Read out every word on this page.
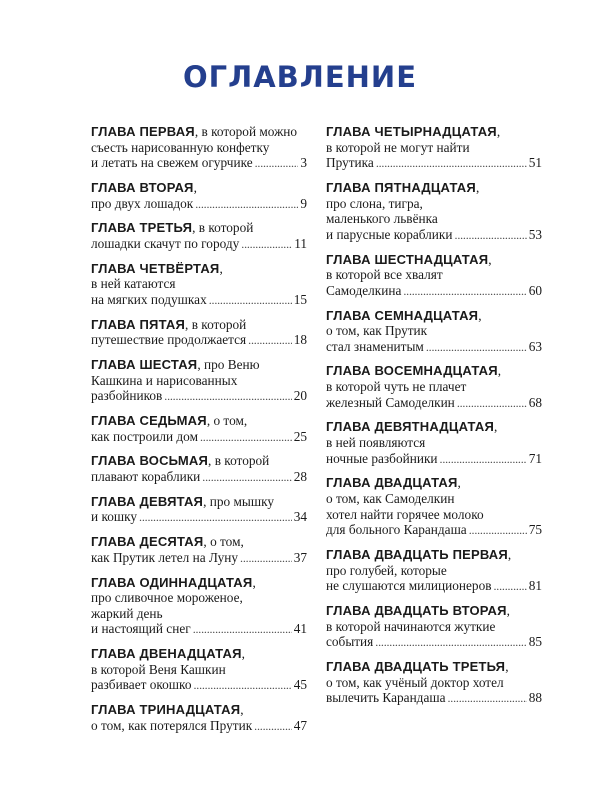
ОГЛАВЛЕНИЕ
ГЛАВА ПЕРВАЯ , в которой можно
съесть нарисованную конфетку
и летать на свежем огурчике . . .	3
ГЛАВА ВТОРАЯ ,
про двух лошадок . . .	9
ГЛАВА ТРЕТЬЯ , в которой
лошадки скачут по городу . . .	11
ГЛАВА ЧЕТВЁРТАЯ ,
в ней катаются
на мягких подушках . . .	15
ГЛАВА ПЯТАЯ , в которой
путешествие продолжается . . .	18
ГЛАВА ШЕСТАЯ , про Веню
Кашкина и нарисованных
разбойников . . .	20
ГЛАВА СЕДЬМАЯ , о том,
как построили дом . . .	25
ГЛАВА ВОСЬМАЯ , в которой
плавают кораблики . . .	28
ГЛАВА ДЕВЯТАЯ , про мышку
и кошку . . .	34
ГЛАВА ДЕСЯТАЯ , о том,
как Прутик летел на Луну . . .	37
ГЛАВА ОДИННАДЦАТАЯ ,
про сливочное мороженое,
жаркий день
и настоящий снег . . .	41
ГЛАВА ДВЕНАДЦАТАЯ ,
в которой Веня Кашкин
разбивает окошко . . .	45
ГЛАВА ТРИНАДЦАТАЯ ,
о том, как потерялся Прутик . . .	47
ГЛАВА ЧЕТЫРНАДЦАТАЯ ,
в которой не могут найти
Прутика . . .	51
ГЛАВА ПЯТНАДЦАТАЯ ,
про слона, тигра,
маленького львёнка
и парусные кораблики . . .	53
ГЛАВА ШЕСТНАДЦАТАЯ ,
в которой все хвалят
Самоделкина . . .	60
ГЛАВА СЕМНАДЦАТАЯ ,
о том, как Прутик
стал знаменитым . . .	63
ГЛАВА ВОСЕМНАДЦАТАЯ ,
в которой чуть не плачет
железный Самоделкин . . .	68
ГЛАВА ДЕВЯТНАДЦАТАЯ ,
в ней появляются
ночные разбойники . . .	71
ГЛАВА ДВАДЦАТАЯ ,
о том, как Самоделкин
хотел найти горячее молоко
для больного Карандаша . . .	75
ГЛАВА ДВАДЦАТЬ ПЕРВАЯ ,
про голубей, которые
не слушаются милиционеров . . .	81
ГЛАВА ДВАДЦАТЬ ВТОРАЯ ,
в которой начинаются жуткие
события . . .	85
ГЛАВА ДВАДЦАТЬ ТРЕТЬЯ ,
о том, как учёный доктор хотел
вылечить Карандаша . . .	88
